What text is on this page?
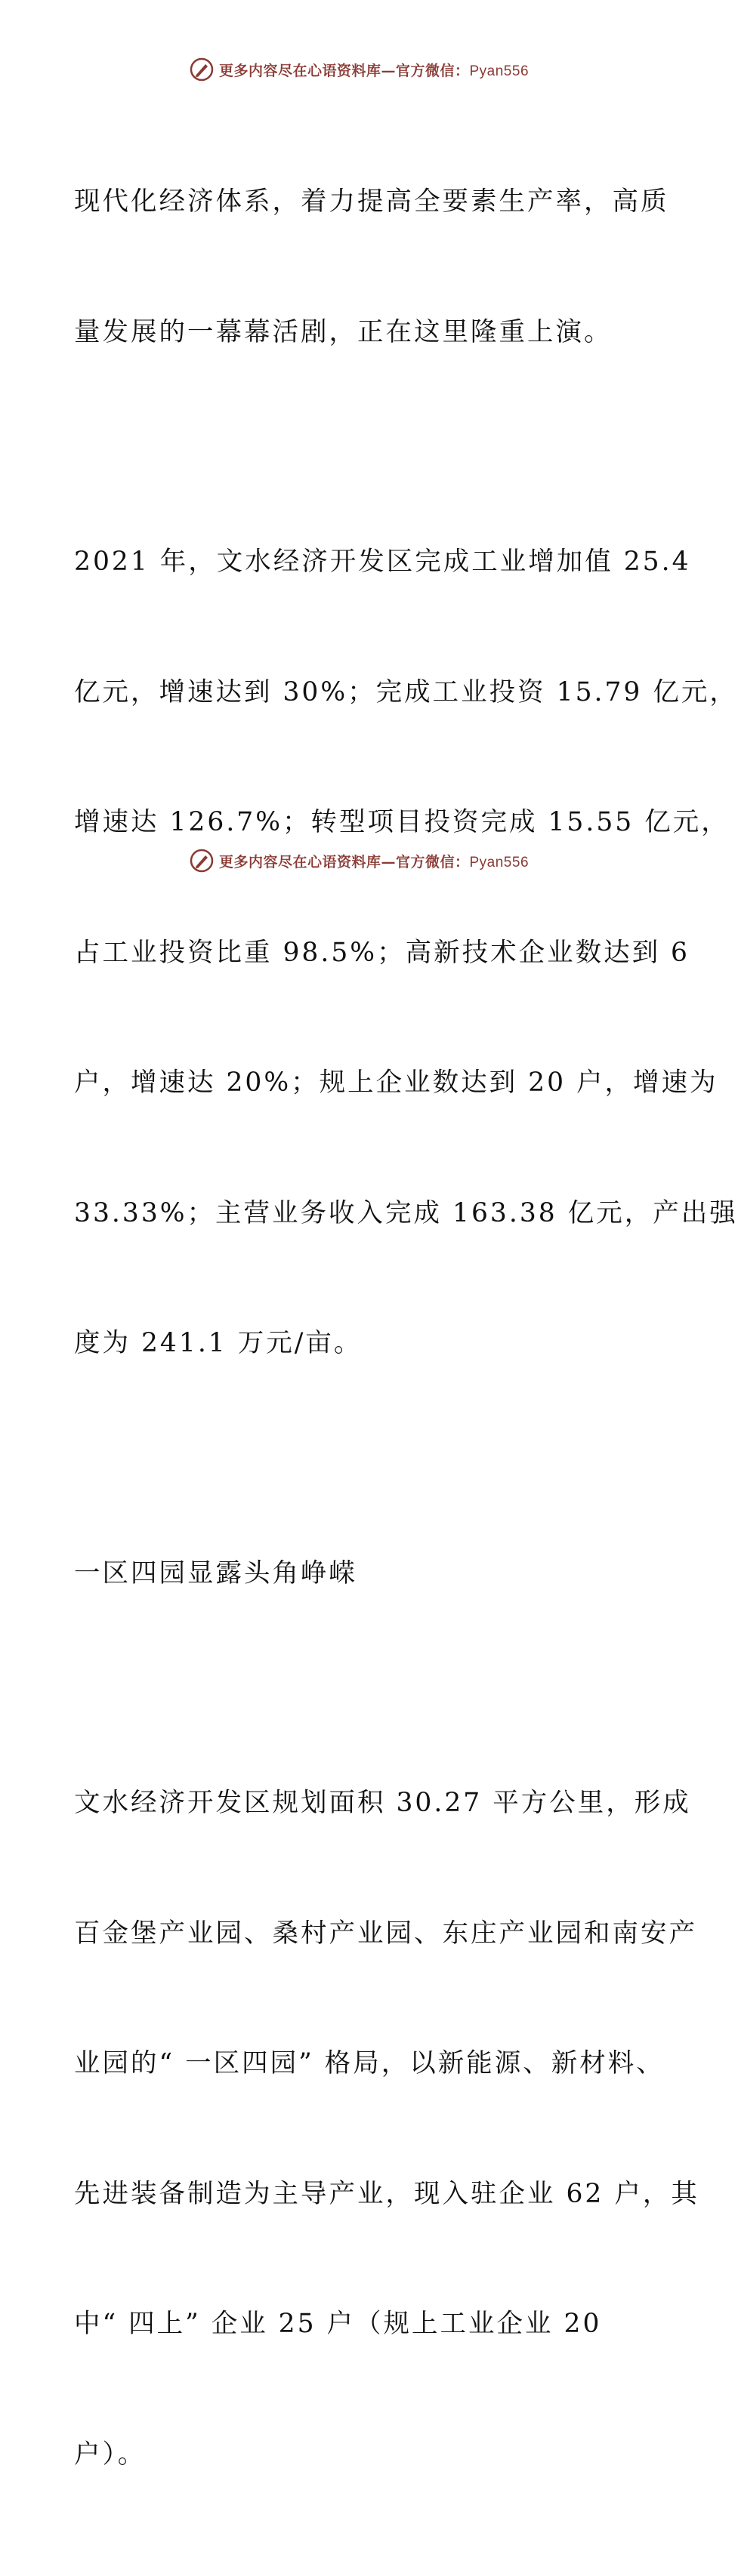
更多内容尽在心语资料库—官方微信：Pyan556

现代化经济体系，着力提高全要素生产率，高质

量发展的一幕幕活剧，正在这里隆重上演。

2021 年，文水经济开发区完成工业增加值 25.4

亿元，增速达到 30%；完成工业投资 15.79 亿元，

增速达 126.7%；转型项目投资完成 15.55 亿元，

占工业投资比重 98.5%；高新技术企业数达到 6

户，增速达 20%；规上企业数达到 20 户，增速为

33.33%；主营业务收入完成 163.38 亿元，产出强

度为 241.1 万元/亩。

一区四园显露头角峥嵘

文水经济开发区规划面积 30.27 平方公里，形成

百金堡产业园、桑村产业园、东庄产业园和南安产

业园的“ 一区四园” 格局，以新能源、新材料、

先进装备制造为主导产业，现入驻企业 62 户，其

中“ 四上” 企业 25 户（规上工业企业 20

户）。

更多内容尽在心语资料库—官方微信：Pyan556
